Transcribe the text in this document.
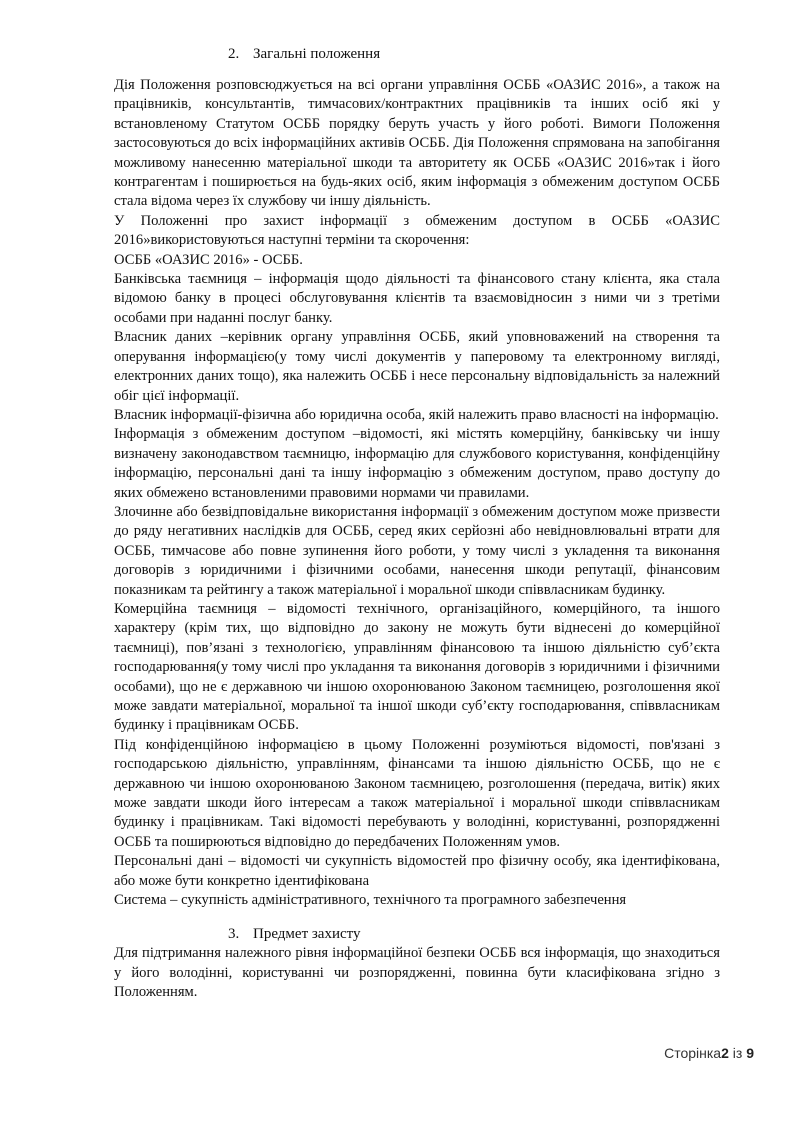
2. Загальні положення

Дія Положення розповсюджується на всі органи управління ОСББ «ОАЗИС 2016», а також на працівників, консультантів, тимчасових/контрактних працівників та інших осіб які у встановленому Статутом ОСББ порядку беруть участь у його роботі. Вимоги Положення застосовуються до всіх інформаційних активів ОСББ. Дія Положення спрямована на запобігання можливому нанесенню матеріальної шкоди та авторитету як ОСББ «ОАЗИС 2016»так і його контрагентам і поширюється на будь-яких осіб, яким інформація з обмеженим доступом ОСББ стала відома через їх службову чи іншу діяльність.

У Положенні про захист інформації з обмеженим доступом в ОСББ «ОАЗИС 2016»використовуються наступні терміни та скорочення:

ОСББ «ОАЗИС 2016» - ОСББ.

Банківська таємниця – інформація щодо діяльності та фінансового стану клієнта, яка стала відомою банку в процесі обслуговування клієнтів та взаємовідносин з ними чи з третіми особами при наданні послуг банку.

Власник даних –керівник органу управління ОСББ, який уповноважений на створення та оперування інформацією(у тому числі документів у паперовому та електронному вигляді, електронних даних тощо), яка належить ОСББ і несе персональну відповідальність за належний обіг цієї інформації.

Власник інформації-фізична або юридична особа, якій належить право власності на інформацію.

Інформація з обмеженим доступом –відомості, які містять комерційну, банківську чи іншу визначену законодавством таємницю, інформацію для службового користування, конфіденційну інформацію, персональні дані та іншу інформацію з обмеженим доступом, право доступу до яких обмежено встановленими правовими нормами чи правилами.

Злочинне або безвідповідальне використання інформації з обмеженим доступом може призвести до ряду негативних наслідків для ОСББ, серед яких серйозні або невідновлювальні втрати для ОСББ, тимчасове або повне зупинення його роботи, у тому числі з укладення та виконання договорів з юридичними і фізичними особами, нанесення шкоди репутації, фінансовим показникам та рейтингу а також матеріальної і моральної шкоди співвласникам будинку.

Комерційна таємниця – відомості технічного, організаційного, комерційного, та іншого характеру (крім тих, що відповідно до закону не можуть бути віднесені до комерційної таємниці), пов’язані з технологією, управлінням фінансовою та іншою діяльністю суб’єкта господарювання(у тому числі про укладання та виконання договорів з юридичними і фізичними особами), що не є державною чи іншою охоронюваною Законом таємницею, розголошення якої може завдати матеріальної, моральної та іншої шкоди суб’єкту господарювання, співвласникам будинку і працівникам ОСББ.

Під конфіденційною інформацією в цьому Положенні розуміються відомості, пов'язані з господарською діяльністю, управлінням, фінансами та іншою діяльністю ОСББ, що не є державною чи іншою охоронюваною Законом таємницею, розголошення (передача, витік) яких може завдати шкоди його інтересам а також матеріальної і моральної шкоди співвласникам будинку і працівникам. Такі відомості перебувають у володінні, користуванні, розпорядженні ОСББ та поширюються відповідно до передбачених Положенням умов.

Персональні дані – відомості чи сукупність відомостей про фізичну особу, яка ідентифікована, або може бути конкретно ідентифікована

Система – сукупність адміністративного, технічного та програмного забезпечення

3. Предмет захисту

Для підтримання належного рівня інформаційної безпеки ОСББ вся інформація, що знаходиться у його володінні, користуванні чи розпорядженні, повинна бути класифікована згідно з Положенням.

Сторінка2 із 9
